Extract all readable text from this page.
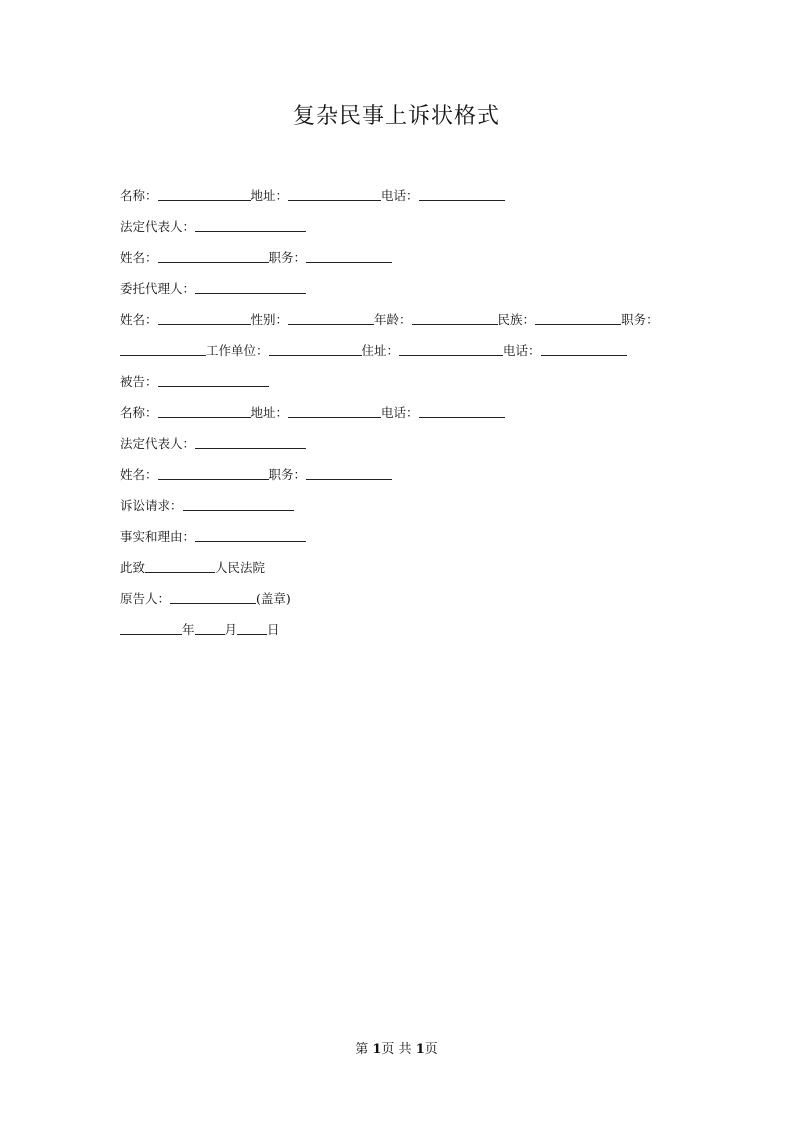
复杂民事上诉状格式
名称：	地址：	电话：
法定代表人：
姓名：	职务：
委托代理人：
姓名：	性别：	年龄：	民族：	职务：
工作单位：	住址：	电话：
被告：
名称：	地址：	电话：
法定代表人：
姓名：	职务：
诉讼请求：
事实和理由：
此致	人民法院
原告人：	(盖章)
年 月 日
第 1页 共 1页
